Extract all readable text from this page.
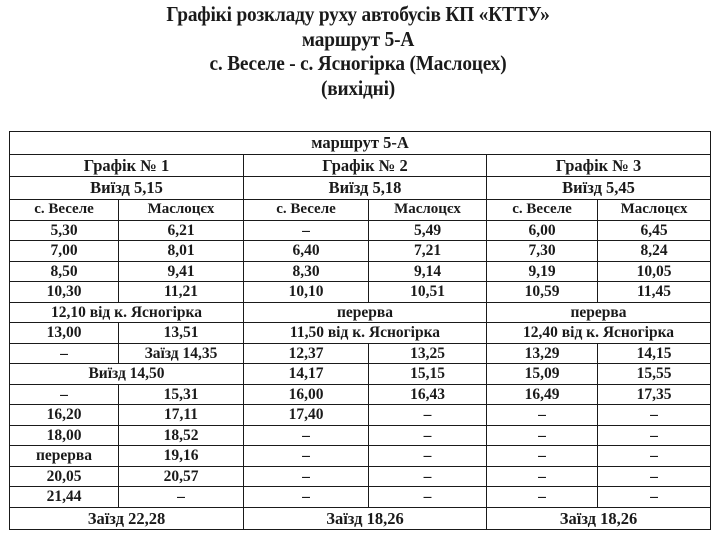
Графікі розкладу руху автобусів КП «КТТУ»
маршрут 5-А
с. Веселе - с. Ясногірка (Маслоцех)
(вихідні)
маршрут 5-А					
Графік № 1		Графік № 2		Графік № 3	
Виїзд 5,15		Виїзд 5,18		Виїзд 5,45	
с. Веселе	Маслоцєх	с. Веселе	Маслоцєх	с. Веселе	Маслоцєх
5,30	6,21	–	5,49	6,00	6,45
7,00	8,01	6,40	7,21	7,30	8,24
8,50	9,41	8,30	9,14	9,19	10,05
10,30	11,21	10,10	10,51	10,59	11,45
12,10 від к. Ясногірка		перерва		перерва	
13,00	13,51	11,50 від к. Ясногірка		12,40 від к. Ясногірка	
–	Заїзд 14,35	12,37	13,25	13,29	14,15
Виїзд 14,50		14,17	15,15	15,09	15,55
–	15,31	16,00	16,43	16,49	17,35
16,20	17,11	17,40	–	–	–
18,00	18,52	–	–	–	–
перерва	19,16	–	–	–	–
20,05	20,57	–	–	–	–
21,44	–	–	–	–	–
Заїзд 22,28		Заїзд 18,26		Заїзд 18,26	
